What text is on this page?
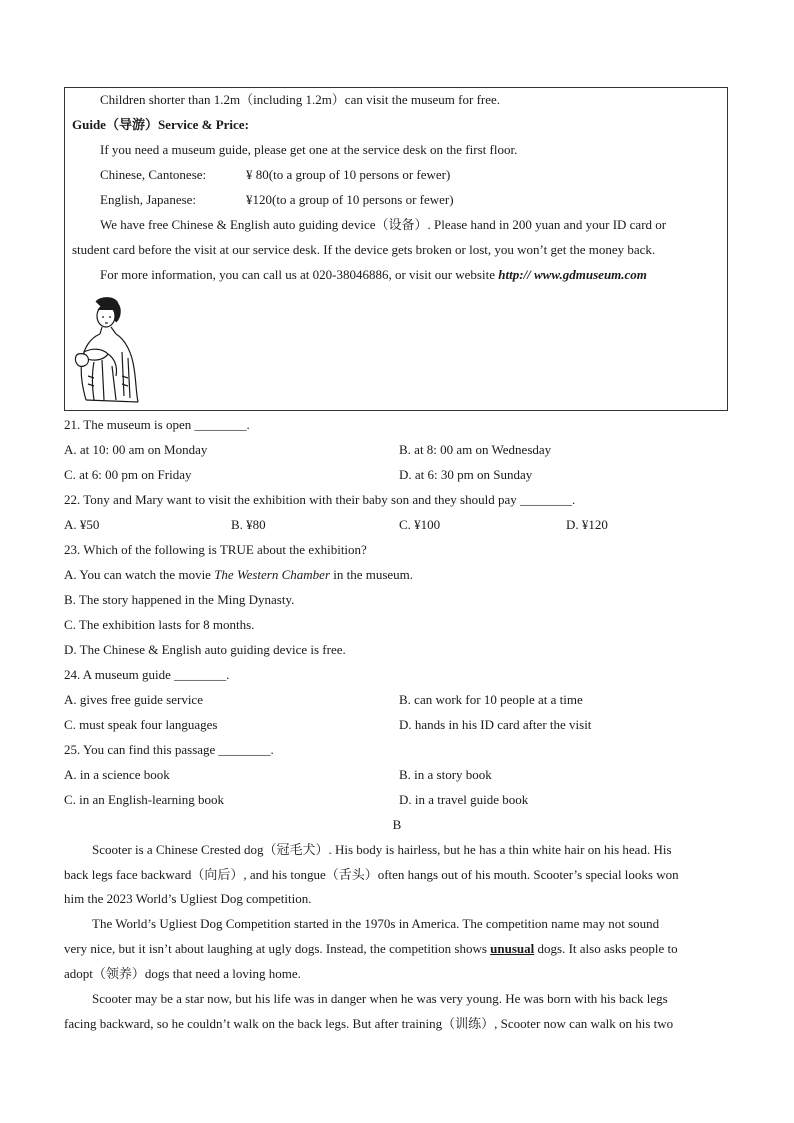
Children shorter than 1.2m（including 1.2m）can visit the museum for free.
Guide（导游）Service & Price:
If you need a museum guide, please get one at the service desk on the first floor.
Chinese, Cantonese:	¥ 80(to a group of 10 persons or fewer)
English, Japanese:	¥120(to a group of 10 persons or fewer)
We have free Chinese & English auto guiding device（设备）. Please hand in 200 yuan and your ID card or
student card before the visit at our service desk. If the device gets broken or lost, you won’t get the money back.
For more information, you can call us at 020-38046886, or visit our website http:// www.gdmuseum.com
21. The museum is open ________.
A. at 10: 00 am on Monday	B. at 8: 00 am on Wednesday
C. at 6: 00 pm on Friday	D. at 6: 30 pm on Sunday
22. Tony and Mary want to visit the exhibition with their baby son and they should pay ________.
A. ¥50	B. ¥80	C. ¥100	D. ¥120
23. Which of the following is TRUE about the exhibition?
A. You can watch the movie The Western Chamber in the museum.
B. The story happened in the Ming Dynasty.
C. The exhibition lasts for 8 months.
D. The Chinese & English auto guiding device is free.
24. A museum guide ________.
A. gives free guide service	B. can work for 10 people at a time
C. must speak four languages	D. hands in his ID card after the visit
25. You can find this passage ________.
A. in a science book	B. in a story book
C. in an English-learning book	D. in a travel guide book
B
Scooter is a Chinese Crested dog（冠毛犬）. His body is hairless, but he has a thin white hair on his head. His
back legs face backward（向后）, and his tongue（舌头）often hangs out of his mouth. Scooter’s special looks won
him the 2023 World’s Ugliest Dog competition.
The World’s Ugliest Dog Competition started in the 1970s in America. The competition name may not sound
very nice, but it isn’t about laughing at ugly dogs. Instead, the competition shows unusual dogs. It also asks people to
adopt（领养）dogs that need a loving home.
Scooter may be a star now, but his life was in danger when he was very young. He was born with his back legs
facing backward, so he couldn’t walk on the back legs. But after training（训练）, Scooter now can walk on his two
